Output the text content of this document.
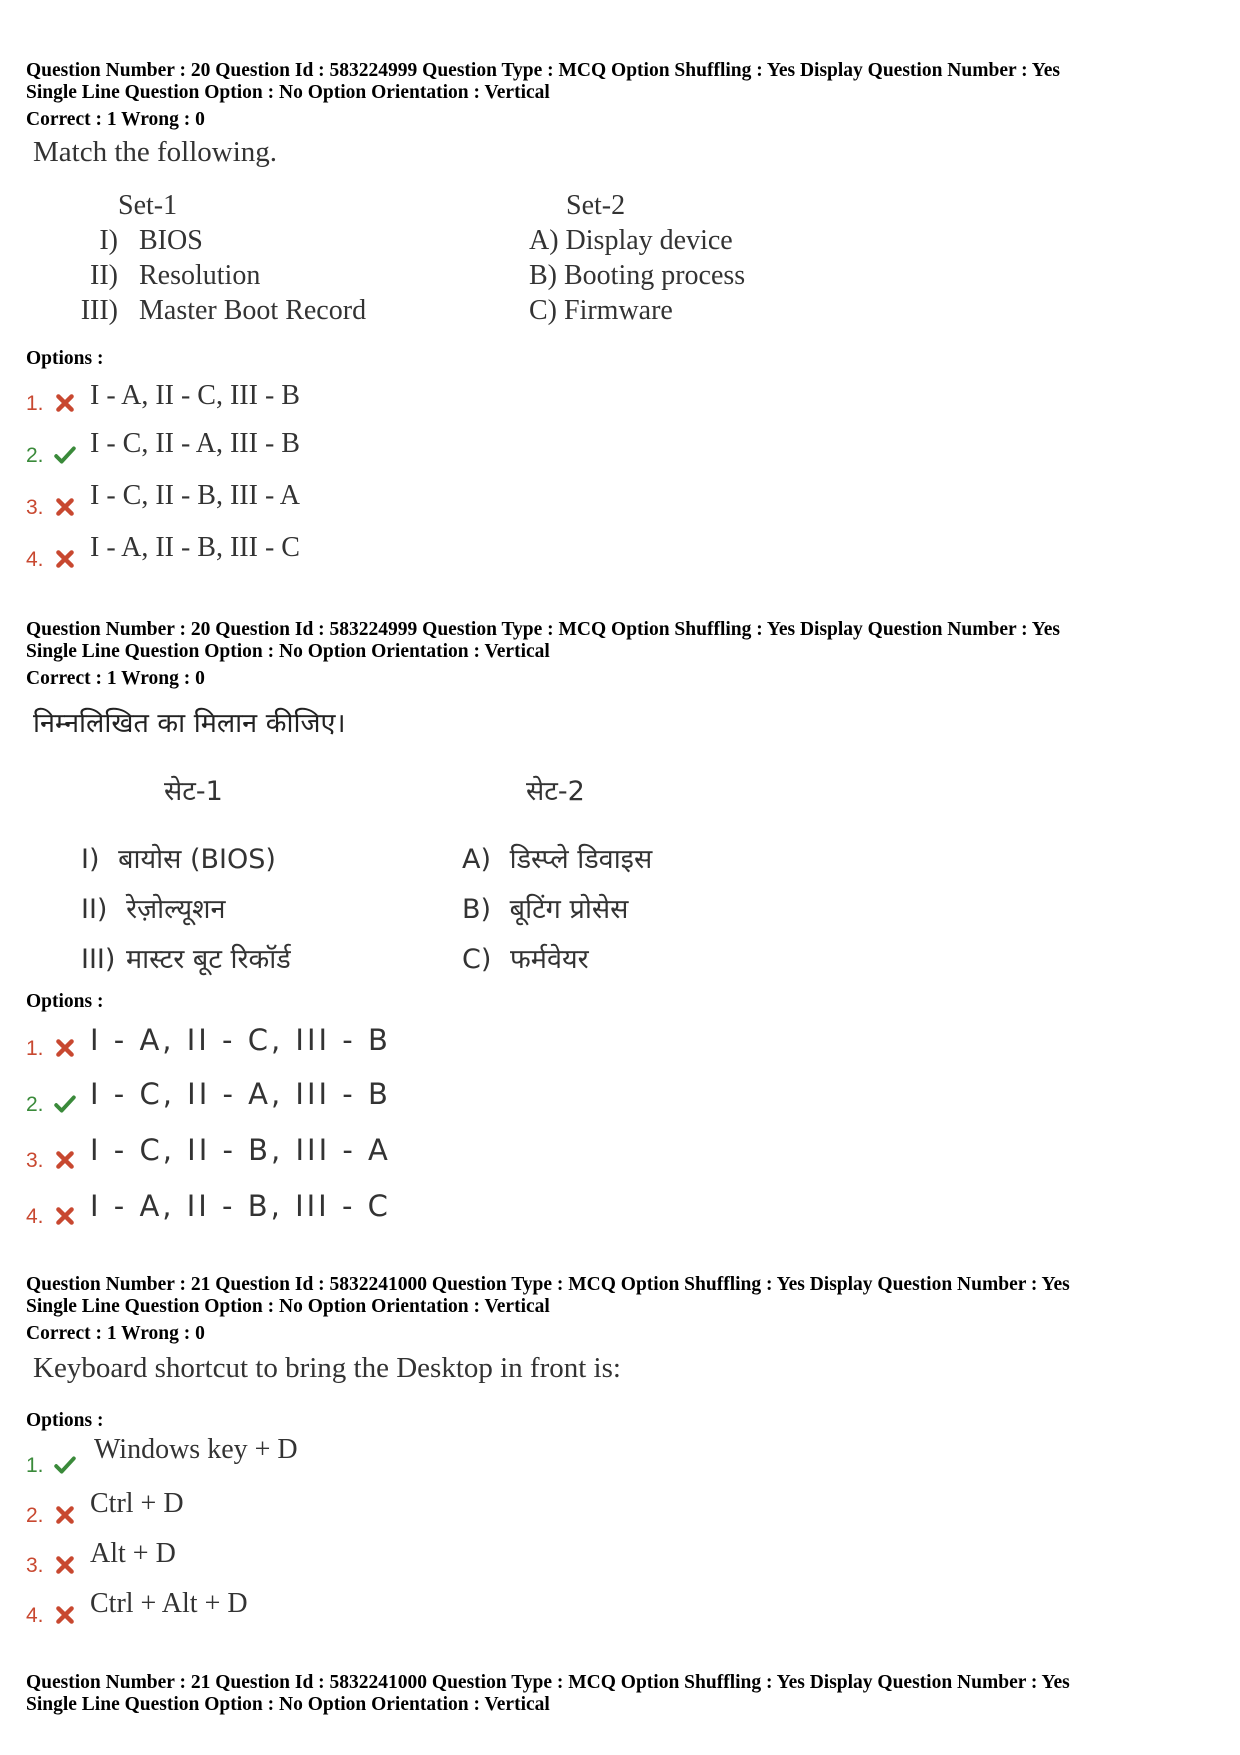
Question Number : 20 Question Id : 583224999 Question Type : MCQ Option Shuffling : Yes Display Question Number : Yes
Single Line Question Option : No Option Orientation : Vertical
Correct : 1 Wrong : 0
Match the following.
Set-1	Set-2
I) BIOS
II) Resolution
III) Master Boot Record
A) Display device
B) Booting process
C) Firmware
Options :
1. I - A, II - C, III - B
2. I - C, II - A, III - B
3. I - C, II - B, III - A
4. I - A, II - B, III - C
Question Number : 20 Question Id : 583224999 Question Type : MCQ Option Shuffling : Yes Display Question Number : Yes
Single Line Question Option : No Option Orientation : Vertical
Correct : 1 Wrong : 0
निम्नलिखित का मिलान कीजिए।
सेट-1	सेट-2
I) बायोस (BIOS)
II) रेज़ोल्यूशन
III) मास्टर बूट रिकॉर्ड
A) डिस्प्ले डिवाइस
B) बूटिंग प्रोसेस
C) फर्मवेयर
Options :
1. I - A, II - C, III - B
2. I - C, II - A, III - B
3. I - C, II - B, III - A
4. I - A, II - B, III - C
Question Number : 21 Question Id : 5832241000 Question Type : MCQ Option Shuffling : Yes Display Question Number : Yes
Single Line Question Option : No Option Orientation : Vertical
Correct : 1 Wrong : 0
Keyboard shortcut to bring the Desktop in front is:
Options :
1.
Windows key + D
2. Ctrl + D
3. Alt + D
4. Ctrl + Alt + D
Question Number : 21 Question Id : 5832241000 Question Type : MCQ Option Shuffling : Yes Display Question Number : Yes
Single Line Question Option : No Option Orientation : Vertical
